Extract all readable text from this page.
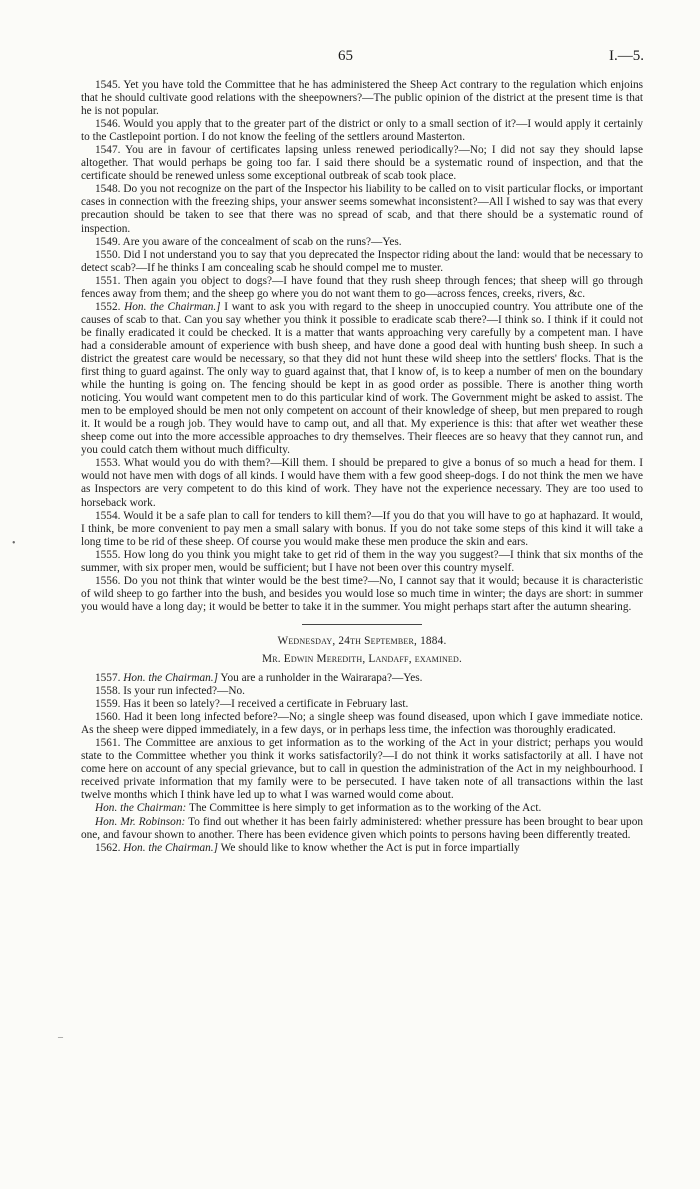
65	I.—5.

1545. Yet you have told the Committee that he has administered the Sheep Act contrary to the regulation which enjoins that he should cultivate good relations with the sheepowners?—The public opinion of the district at the present time is that he is not popular.

1546. Would you apply that to the greater part of the district or only to a small section of it?—I would apply it certainly to the Castlepoint portion. I do not know the feeling of the settlers around Masterton.

1547. You are in favour of certificates lapsing unless renewed periodically?—No; I did not say they should lapse altogether. That would perhaps be going too far. I said there should be a systematic round of inspection, and that the certificate should be renewed unless some exceptional outbreak of scab took place.

1548. Do you not recognize on the part of the Inspector his liability to be called on to visit particular flocks, or important cases in connection with the freezing ships, your answer seems somewhat inconsistent?—All I wished to say was that every precaution should be taken to see that there was no spread of scab, and that there should be a systematic round of inspection.

1549. Are you aware of the concealment of scab on the runs?—Yes.

1550. Did I not understand you to say that you deprecated the Inspector riding about the land: would that be necessary to detect scab?—If he thinks I am concealing scab he should compel me to muster.

1551. Then again you object to dogs?—I have found that they rush sheep through fences; that sheep will go through fences away from them; and the sheep go where you do not want them to go—across fences, creeks, rivers, &c.

1552. Hon. the Chairman.] I want to ask you with regard to the sheep in unoccupied country. You attribute one of the causes of scab to that. Can you say whether you think it possible to eradicate scab there?—I think so. I think if it could not be finally eradicated it could be checked. It is a matter that wants approaching very carefully by a competent man. I have had a considerable amount of experience with bush sheep, and have done a good deal with hunting bush sheep. In such a district the greatest care would be necessary, so that they did not hunt these wild sheep into the settlers' flocks. That is the first thing to guard against. The only way to guard against that, that I know of, is to keep a number of men on the boundary while the hunting is going on. The fencing should be kept in as good order as possible. There is another thing worth noticing. You would want competent men to do this particular kind of work. The Government might be asked to assist. The men to be employed should be men not only competent on account of their knowledge of sheep, but men prepared to rough it. It would be a rough job. They would have to camp out, and all that. My experience is this: that after wet weather these sheep come out into the more accessible approaches to dry themselves. Their fleeces are so heavy that they cannot run, and you could catch them without much difficulty.

1553. What would you do with them?—Kill them. I should be prepared to give a bonus of so much a head for them. I would not have men with dogs of all kinds. I would have them with a few good sheep-dogs. I do not think the men we have as Inspectors are very competent to do this kind of work. They have not the experience necessary. They are too used to horseback work.

1554. Would it be a safe plan to call for tenders to kill them?—If you do that you will have to go at haphazard. It would, I think, be more convenient to pay men a small salary with bonus. If you do not take some steps of this kind it will take a long time to be rid of these sheep. Of course you would make these men produce the skin and ears.

1555. How long do you think you might take to get rid of them in the way you suggest?—I think that six months of the summer, with six proper men, would be sufficient; but I have not been over this country myself.

1556. Do you not think that winter would be the best time?—No, I cannot say that it would; because it is characteristic of wild sheep to go farther into the bush, and besides you would lose so much time in winter; the days are short: in summer you would have a long day; it would be better to take it in the summer. You might perhaps start after the autumn shearing.

Wednesday, 24th September, 1884.

Mr. Edwin Meredith, Landaff, examined.

1557. Hon. the Chairman.] You are a runholder in the Wairarapa?—Yes.

1558. Is your run infected?—No.

1559. Has it been so lately?—I received a certificate in February last.

1560. Had it been long infected before?—No; a single sheep was found diseased, upon which I gave immediate notice. As the sheep were dipped immediately, in a few days, or in perhaps less time, the infection was thoroughly eradicated.

1561. The Committee are anxious to get information as to the working of the Act in your district; perhaps you would state to the Committee whether you think it works satisfactorily?—I do not think it works satisfactorily at all. I have not come here on account of any special grievance, but to call in question the administration of the Act in my neighbourhood. I received private information that my family were to be persecuted. I have taken note of all transactions within the last twelve months which I think have led up to what I was warned would come about.

Hon. the Chairman: The Committee is here simply to get information as to the working of the Act.

Hon. Mr. Robinson: To find out whether it has been fairly administered: whether pressure has been brought to bear upon one, and favour shown to another. There has been evidence given which points to persons having been differently treated.

1562. Hon. the Chairman.] We should like to know whether the Act is put in force impartially

•
–
